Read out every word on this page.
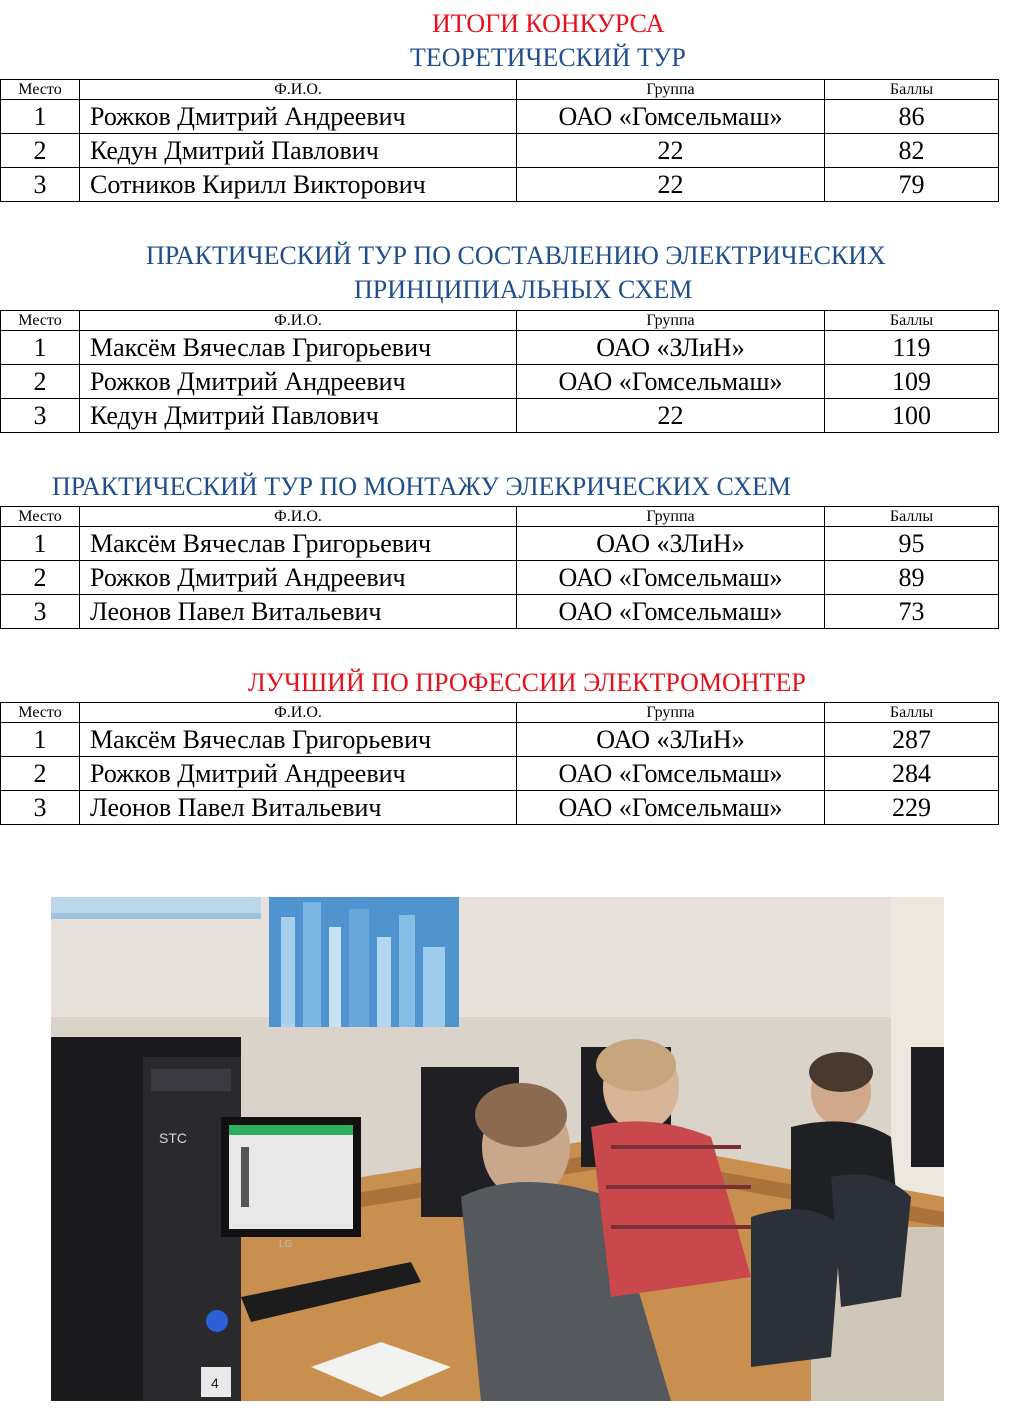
ИТОГИ КОНКУРСА
ТЕОРЕТИЧЕСКИЙ ТУР
Место	Ф.И.О.	Группа	Баллы
1	Рожков Дмитрий Андреевич	ОАО «Гомсельмаш»	86
2	Кедун Дмитрий Павлович	22	82
3	Сотников Кирилл Викторович	22	79
ПРАКТИЧЕСКИЙ ТУР ПО СОСТАВЛЕНИЮ ЭЛЕКТРИЧЕСКИХ
ПРИНЦИПИАЛЬНЫХ СХЕМ
Место	Ф.И.О.	Группа	Баллы
1	Максём Вячеслав Григорьевич	ОАО «ЗЛиН»	119
2	Рожков Дмитрий Андреевич	ОАО «Гомсельмаш»	109
3	Кедун Дмитрий Павлович	22	100
ПРАКТИЧЕСКИЙ ТУР ПО МОНТАЖУ ЭЛЕКРИЧЕСКИХ СХЕМ
Место	Ф.И.О.	Группа	Баллы
1	Максём Вячеслав Григорьевич	ОАО «ЗЛиН»	95
2	Рожков Дмитрий Андреевич	ОАО «Гомсельмаш»	89
3	Леонов Павел Витальевич	ОАО «Гомсельмаш»	73
ЛУЧШИЙ ПО ПРОФЕССИИ ЭЛЕКТРОМОНТЕР
Место	Ф.И.О.	Группа	Баллы
1	Максём Вячеслав Григорьевич	ОАО «ЗЛиН»	287
2	Рожков Дмитрий Андреевич	ОАО «Гомсельмаш»	284
3	Леонов Павел Витальевич	ОАО «Гомсельмаш»	229
STC
4
LG
